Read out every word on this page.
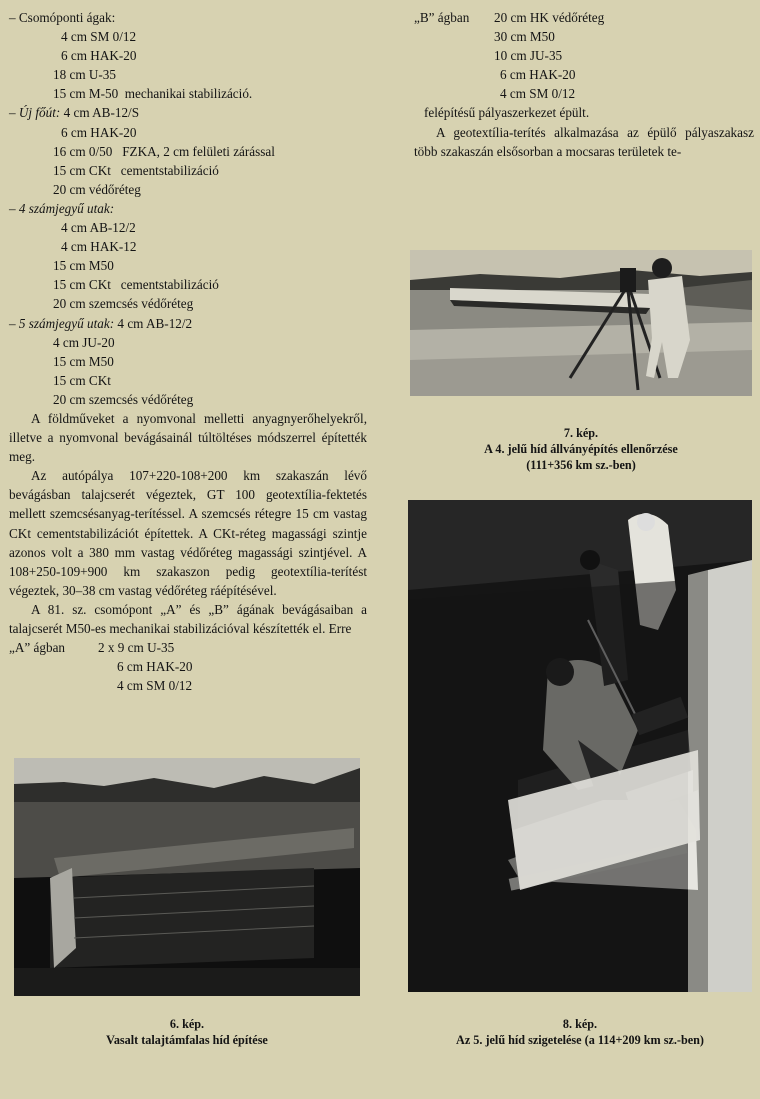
– Csomóponti ágak:
4 cm SM 0/12
6 cm HAK-20
18 cm U-35
15 cm M-50  mechanikai stabilizáció.
– Új főút: 4 cm AB-12/S
6 cm HAK-20
16 cm 0/50   FZKA, 2 cm felületi zárással
15 cm CKt   cementstabilizáció
20 cm védőréteg
– 4 számjegyű utak:
4 cm AB-12/2
4 cm HAK-12
15 cm M50
15 cm CKt   cementstabilizáció
20 cm szemcsés védőréteg
– 5 számjegyű utak: 4 cm AB-12/2
4 cm JU-20
15 cm M50
15 cm CKt
20 cm szemcsés védőréteg

A földműveket a nyomvonal melletti anyagnyerőhelyekről, illetve a nyomvonal bevágásainál túltöltéses módszerrel építették meg.

Az autópálya 107+220-108+200 km szakaszán lévő bevágásban talajcserét végeztek, GT 100 geotextília-fektetés mellett szemcsésanyag-terítéssel. A szemcsés rétegre 15 cm vastag CKt cementstabilizációt építettek. A CKt-réteg magassági szintje azonos volt a 380 mm vastag védőréteg magassági szintjével. A 108+250-109+900 km szakaszon pedig geotextília-terítést végeztek, 30–38 cm vastag védőréteg ráépítésével.

A 81. sz. csomópont „A” és „B” ágának bevágásaiban a talajcserét M50-es mechanikai stabilizációval készítették el. Erre

„A” ágban 2 x 9 cm U-35
6 cm HAK-20
4 cm SM 0/12
„B” ágban 20 cm HK védőréteg
30 cm M50
10 cm JU-35
6 cm HAK-20
4 cm SM 0/12

felépítésű pályaszerkezet épült.

A geotextília-terítés alkalmazása az épülő pályaszakasz több szakaszán elsősorban a mocsaras területek te-

7. kép.
A 4. jelű híd állványépítés ellenőrzése
(111+356 km sz.-ben)
8. kép.
Az 5. jelű híd szigetelése (a 114+209 km sz.-ben)
6. kép.
Vasalt talajtámfalas híd építése
